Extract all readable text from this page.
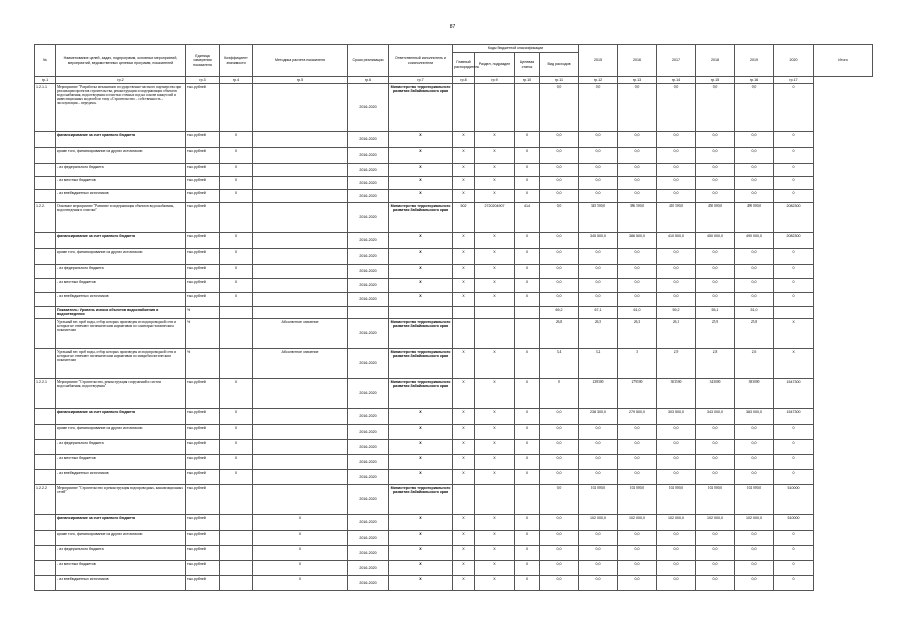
87
№	Наименование целей, задач, подпрограмм, основных мероприятий, мероприятий, ведомственных целевых программ, показателей	Единица измерения показателя	Коэффициент значимости	Методика расчета показателя	Сроки реализации	Ответственный исполнитель и соисполнители	Коды бюджетной классификации				2015	2016	2017	2018	2019	2020	Итого
							Главный распорядитель	Раздел, подраздел	Целевая статья	Вид расходов							
гр.1	гр.2	гр.3	гр.4	гр.5	гр.6	гр.7	гр.8	гр.9	гр.10	гр.11	гр.12	гр.13	гр.14	гр.15	гр.16	гр.17	
1.2.1.1	Мероприятие "Разработка механизмов государственно-частного партнерства при реализации проектов строительства, реконструкции и модернизации объектов водоснабжения, водоотведения и очистки сточных вод на основе концессий и инвестиционных моделей по типу «Строительство – собственность – эксплуатация – передача»	тыс.рублей			2016-2020	Министерство территориального развития Забайкальского края				0,0	0,0	0,0	0,0	0,0	0,0	0	
	финансирование за счет краевого бюджета	тыс.рублей	X		2016-2020	X	X	X	X	0,0	0,0	0,0	0,0	0,0	0,0	0	
	кроме того, финансирование из других источников:	тыс.рублей	X		2016-2020	X	X	X	X	0,0	0,0	0,0	0,0	0,0	0,0	0	
	- из федерального бюджета	тыс.рублей	X		2016-2020	X	X	X	X	0,0	0,0	0,0	0,0	0,0	0,0	0	
	- из местных бюджетов	тыс.рублей	X		2016-2020	X	X	X	X	0,0	0,0	0,0	0,0	0,0	0,0	0	
	- из внебюджетных источников	тыс.рублей	X		2016-2020	X	X	X	X	0,0	0,0	0,0	0,0	0,0	0,0	0	
1.2.2.	Основное мероприятие "Развитие и модернизация объектов водоснабжения, водоотведения и очистки"	тыс.рублей			2016-2020	Министерство территориального развития Забайкальского края	502	2720204907	414	0,0	345 500,0	386 500,0	410 500,0	450 000,0	490 000,0	2082300	
	финансирование за счет краевого бюджета	тыс.рублей	X		2016-2020	X	X	X	X	0,0	345 500,0	386 500,0	410 500,0	450 000,0	490 000,0	2082300	
	кроме того, финансирование из других источников:	тыс.рублей	X		2016-2020	X	X	X	X	0,0	0,0	0,0	0,0	0,0	0,0	0	
	- из федерального бюджета	тыс.рублей	X		2016-2020	X	X	X	X	0,0	0,0	0,0	0,0	0,0	0,0	0	
	- из местных бюджетов	тыс.рублей	X		2016-2020	X	X	X	X	0,0	0,0	0,0	0,0	0,0	0,0	0	
	- из внебюджетных источников	тыс.рублей	X		2016-2020	X	X	X	X	0,0	0,0	0,0	0,0	0,0	0,0	0	
	Показатель: Уровень износа объектов водоснабжения и водоотведения	%								69,2	67,1	61,0	59,2	55,1	51,0		
	Удельный вес проб воды, отбор которых произведен из водопроводной сети и которые не отвечают гигиеническим нормативам по санитарно-химическим показателям	%		Абсолютное значение	2016-2020	Министерство территориального развития Забайкальского края				26,8	26,5	26,3	26,1	25,9	25,8	X	
	Удельный вес проб воды, отбор которых произведен из водопроводной сети и которые не отвечают гигиеническим нормативам по микробиологическим показателям	%		Абсолютное значение	2016-2020	Министерство территориального развития Забайкальского края	X	X	X	3,4	3,2	3	2,9	2,8	2,6	X	
1.2.2.1	Мероприятие "Строительство, реконструкция сооружений и систем водоснабжения, водоотведения"	тыс.рублей	X		2016-2020	Министерство территориального развития Забайкальского края	X	X	X	0	238300	279500	303500	343000	383000	1547300	
	финансирование за счет краевого бюджета	тыс.рублей	X		2016-2020	X	X	X	X	0,0	238 300,0	279 500,0	303 500,0	343 000,0	383 000,0	1547300	
	кроме того, финансирование из других источников:	тыс.рублей	X		2016-2020	X	X	X	X	0,0	0,0	0,0	0,0	0,0	0,0	0	
	- из федерального бюджета	тыс.рублей	X		2016-2020	X	X	X	X	0,0	0,0	0,0	0,0	0,0	0,0	0	
	- из местных бюджетов	тыс.рублей	X		2016-2020	X	X	X	X	0,0	0,0	0,0	0,0	0,0	0,0	0	
	- из внебюджетных источников	тыс.рублей	X		2016-2020	X	X	X	X	0,0	0,0	0,0	0,0	0,0	0,0	0	
1.2.2.2	Мероприятие "Строительство и реконструкция водопроводных, канализационных сетей"	тыс.рублей			2016-2020	Министерство территориального развития Забайкальского края				0,0	102 000,0	102 000,0	102 000,0	102 000,0	102 000,0	510000	
	финансирование за счет краевого бюджета	тыс.рублей		X	2016-2020	X	X	X	X	0,0	102 000,0	102 000,0	102 000,0	102 000,0	102 000,0	510000	
	кроме того, финансирование из других источников:	тыс.рублей		X	2016-2020	X	X	X	X	0,0	0,0	0,0	0,0	0,0	0,0	0	
	- из федерального бюджета	тыс.рублей		X	2016-2020	X	X	X	X	0,0	0,0	0,0	0,0	0,0	0,0	0	
	- из местных бюджетов	тыс.рублей		X	2016-2020	X	X	X	X	0,0	0,0	0,0	0,0	0,0	0,0	0	
	- из внебюджетных источников	тыс.рублей		X	2016-2020	X	X	X	X	0,0	0,0	0,0	0,0	0,0	0,0	0	
